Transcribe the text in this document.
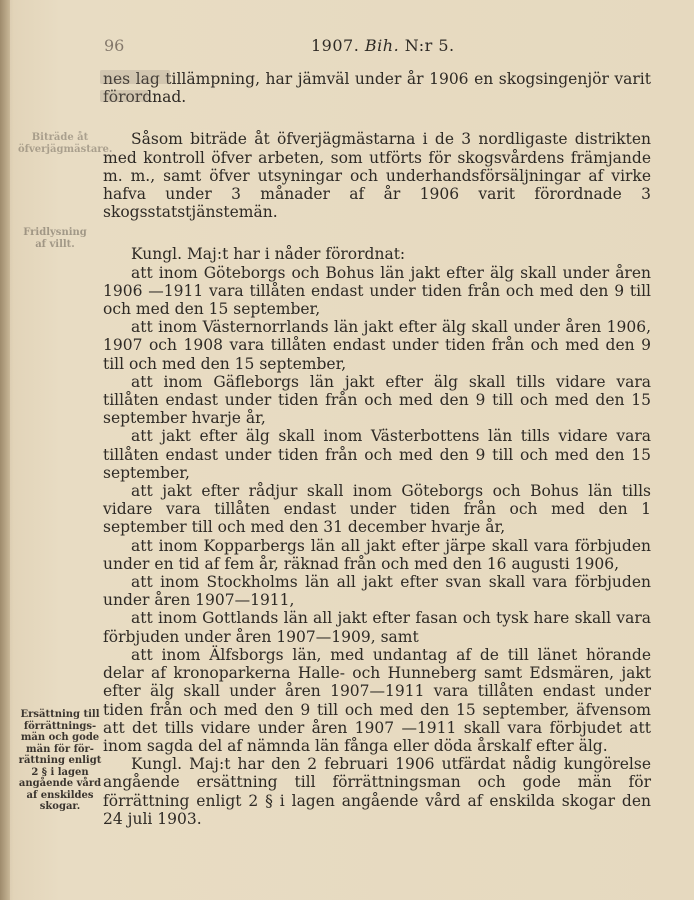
96	1907. Bih. N:r 5.
Biträde åt öfverjägmästare.
Fridlysning af villt.
Ersättning till förrättnings-män och gode män för för-rättning enligt 2 § i lagen angående vård af enskildes skogar.

nes lag tillämpning, har jämväl under år 1906 en skogsingenjör varit förordnad.

Såsom biträde åt öfverjägmästarna i de 3 nordligaste distrikten med kontroll öfver arbeten, som utförts för skogsvårdens främjande m. m., samt öfver utsyningar och underhandsförsäljningar af virke hafva under 3 månader af år 1906 varit förordnade 3 skogsstatstjänstemän.

Kungl. Maj:t har i nåder förordnat:

att inom Göteborgs och Bohus län jakt efter älg skall under åren 1906 —1911 vara tillåten endast under tiden från och med den 9 till och med den 15 september,

att inom Västernorrlands län jakt efter älg skall under åren 1906, 1907 och 1908 vara tillåten endast under tiden från och med den 9 till och med den 15 september,

att inom Gäfleborgs län jakt efter älg skall tills vidare vara tillåten endast under tiden från och med den 9 till och med den 15 september hvarje år,

att jakt efter älg skall inom Västerbottens län tills vidare vara tillåten endast under tiden från och med den 9 till och med den 15 september,

att jakt efter rådjur skall inom Göteborgs och Bohus län tills vidare vara tillåten endast under tiden från och med den 1 september till och med den 31 december hvarje år,

att inom Kopparbergs län all jakt efter järpe skall vara förbjuden under en tid af fem år, räknad från och med den 16 augusti 1906,

att inom Stockholms län all jakt efter svan skall vara förbjuden under åren 1907—1911,

att inom Gottlands län all jakt efter fasan och tysk hare skall vara förbjuden under åren 1907—1909, samt

att inom Älfsborgs län, med undantag af de till länet hörande delar af kronoparkerna Halle- och Hunneberg samt Edsmären, jakt efter älg skall under åren 1907—1911 vara tillåten endast under tiden från och med den 9 till och med den 15 september, äfvensom att det tills vidare under åren 1907 —1911 skall vara förbjudet att inom sagda del af nämnda län fånga eller döda årskalf efter älg.

Kungl. Maj:t har den 2 februari 1906 utfärdat nådig kungörelse angående ersättning till förrättningsman och gode män för förrättning enligt 2 § i lagen angående vård af enskilda skogar den 24 juli 1903.
